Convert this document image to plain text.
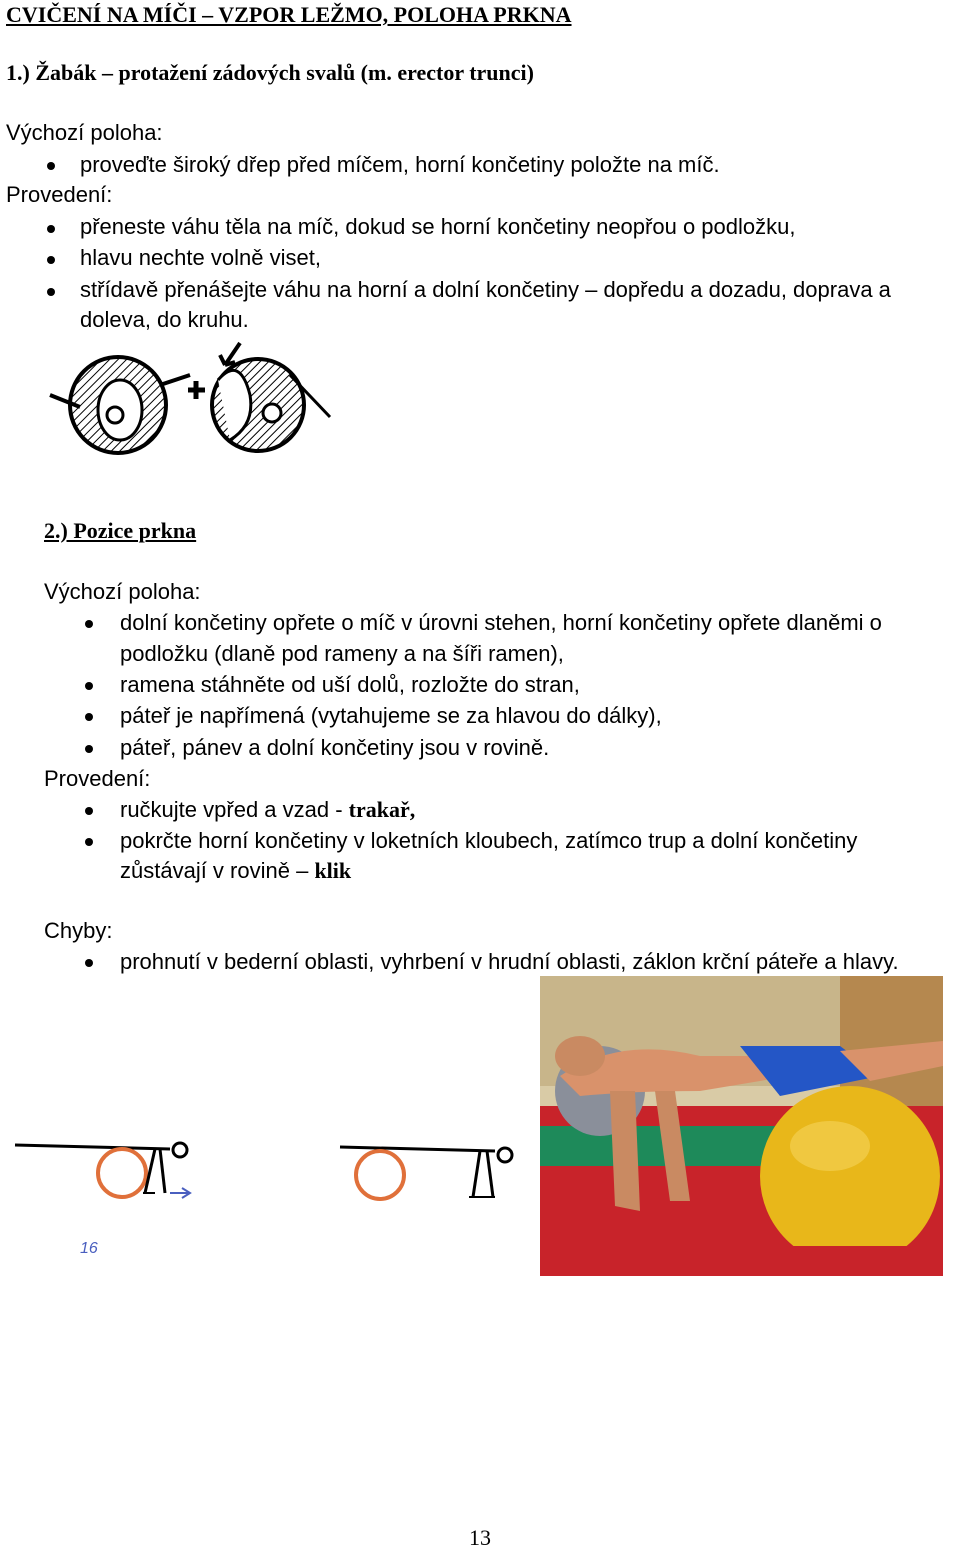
CVIČENÍ NA MÍČI – VZPOR LEŽMO, POLOHA PRKNA
1.) Žabák – protažení zádových svalů (m. erector trunci)
Výchozí poloha:
proveďte široký dřep před míčem, horní končetiny položte na míč.
Provedení:
přeneste váhu těla na míč, dokud se horní končetiny neopřou o podložku,
hlavu nechte volně viset,
střídavě přenášejte váhu na horní a dolní končetiny – dopředu a dozadu, doprava a
doleva, do kruhu.
2.) Pozice prkna
Výchozí poloha:
dolní končetiny opřete o míč v úrovni stehen, horní končetiny opřete dlaněmi o
podložku (dlaně pod rameny a na šíři ramen),
ramena stáhněte od uší dolů, rozložte do stran,
páteř je napřímená (vytahujeme se za hlavou do dálky),
páteř, pánev a dolní končetiny jsou v rovině.
Provedení:
ručkujte vpřed a vzad - trakař,
pokrčte horní končetiny v loketních kloubech, zatímco trup a dolní končetiny
zůstávají v rovině – klik
Chyby:
prohnutí v bederní oblasti, vyhrbení v hrudní oblasti, záklon krční páteře a hlavy.
16
13
